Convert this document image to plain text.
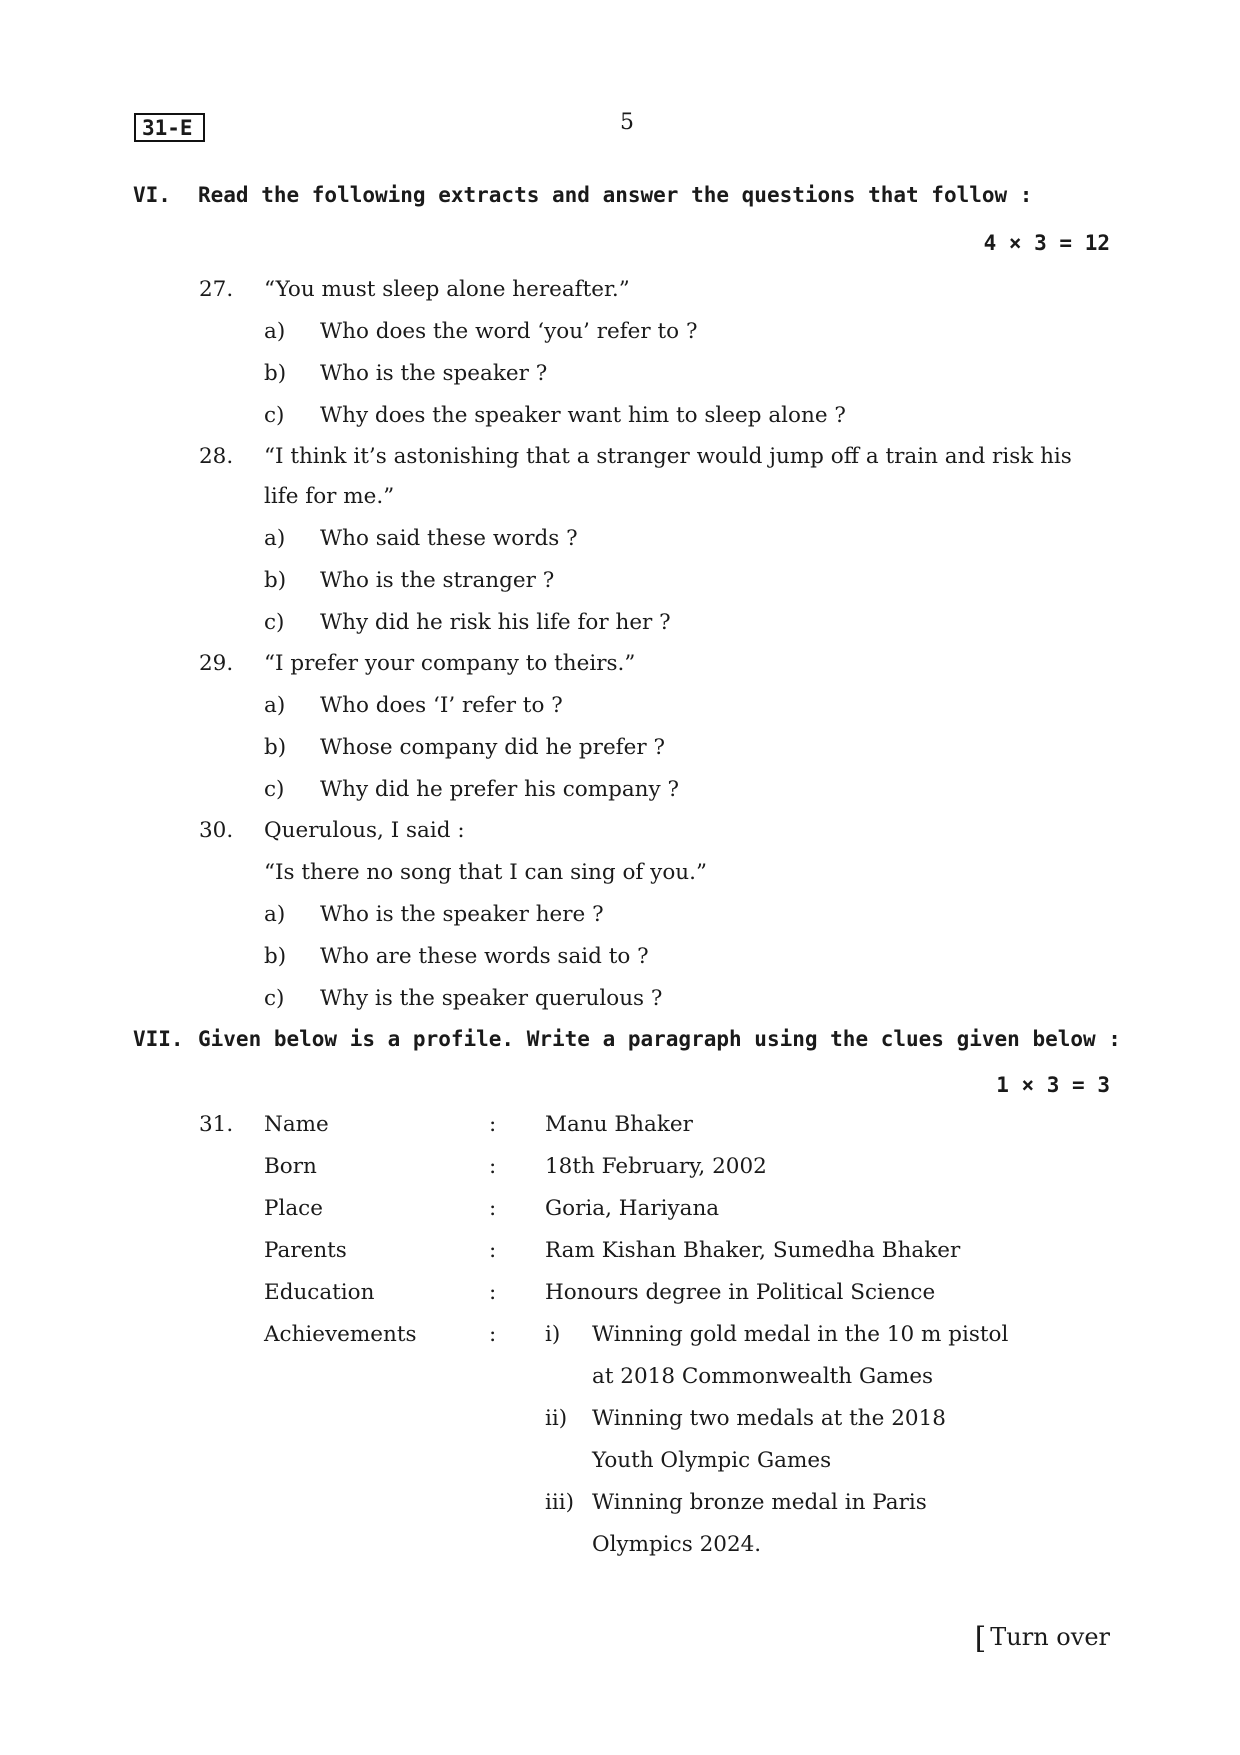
31-E	5
VI. Read the following extracts and answer the questions that follow :
4 × 3 = 12
27. “You must sleep alone hereafter.”
a) Who does the word ‘you’ refer to ?
b) Who is the speaker ?
c) Why does the speaker want him to sleep alone ?
28. “I think it’s astonishing that a stranger would jump off a train and risk his
life for me.”
a) Who said these words ?
b) Who is the stranger ?
c) Why did he risk his life for her ?
29. “I prefer your company to theirs.”
a) Who does ‘I’ refer to ?
b) Whose company did he prefer ?
c) Why did he prefer his company ?
30. Querulous, I said :
“Is there no song that I can sing of you.”
a) Who is the speaker here ?
b) Who are these words said to ?
c) Why is the speaker querulous ?
VII. Given below is a profile. Write a paragraph using the clues given below :
1 × 3 = 3
31. Name	: Manu Bhaker
Born	: 18th February, 2002
Place	: Goria, Hariyana
Parents	: Ram Kishan Bhaker, Sumedha Bhaker
Education	: Honours degree in Political Science
Achievements	: i) Winning gold medal in the 10 m pistol
at 2018 Commonwealth Games
ii) Winning two medals at the 2018
Youth Olympic Games
iii) Winning bronze medal in Paris
Olympics 2024.
[ Turn over
